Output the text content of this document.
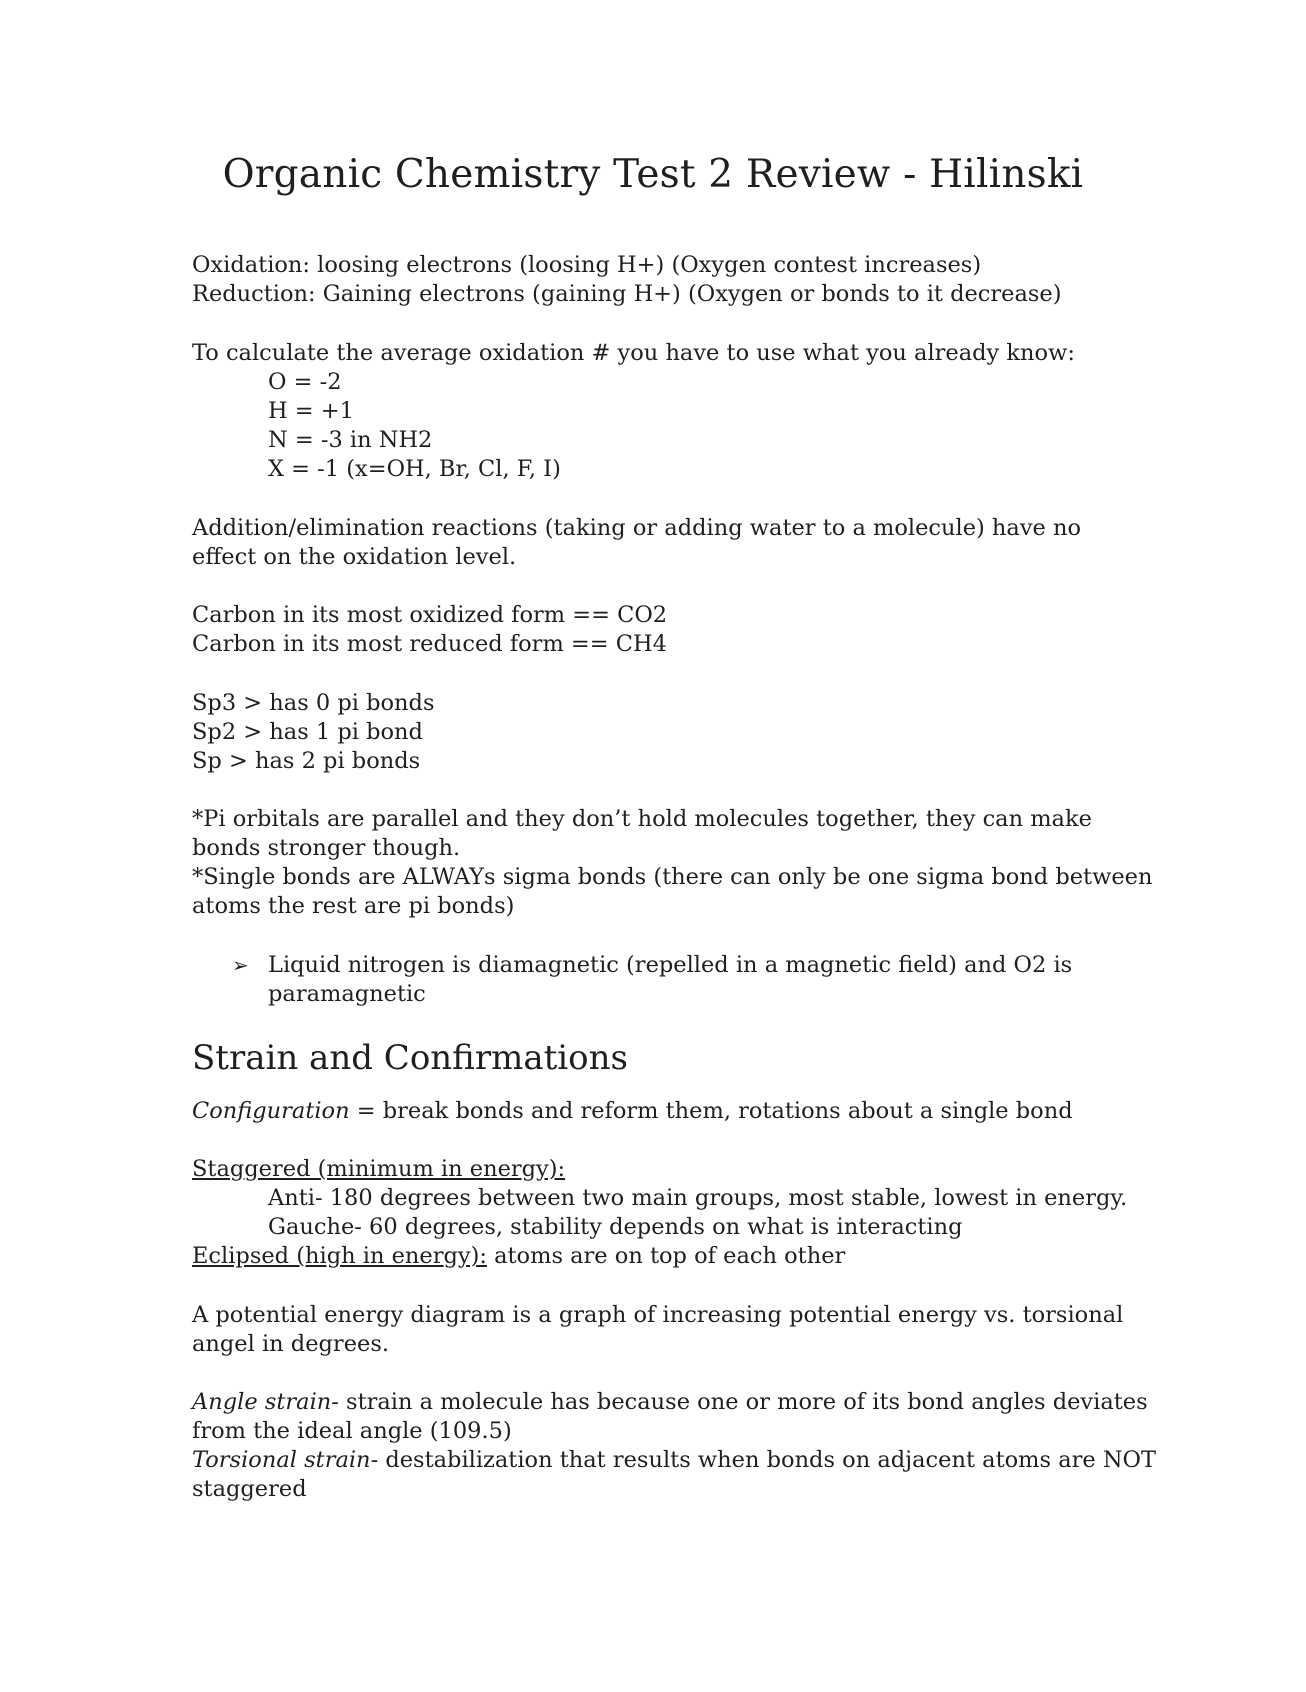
Organic Chemistry Test 2 Review - Hilinski
Oxidation: loosing electrons (loosing H+) (Oxygen contest increases)
Reduction: Gaining electrons (gaining H+) (Oxygen or bonds to it decrease)
To calculate the average oxidation # you have to use what you already know:
O = -2
H = +1
N = -3 in NH2
X = -1 (x=OH, Br, Cl, F, I)
Addition/elimination reactions (taking or adding water to a molecule) have no
effect on the oxidation level.
Carbon in its most oxidized form == CO2
Carbon in its most reduced form == CH4
Sp3 > has 0 pi bonds
Sp2 > has 1 pi bond
Sp > has 2 pi bonds
*Pi orbitals are parallel and they don’t hold molecules together, they can make
bonds stronger though.
*Single bonds are ALWAYs sigma bonds (there can only be one sigma bond between
atoms the rest are pi bonds)
➢ Liquid nitrogen is diamagnetic (repelled in a magnetic field) and O2 is
paramagnetic
Strain and Confirmations
Configuration = break bonds and reform them, rotations about a single bond
Staggered (minimum in energy):
Anti- 180 degrees between two main groups, most stable, lowest in energy.
Gauche- 60 degrees, stability depends on what is interacting
Eclipsed (high in energy): atoms are on top of each other
A potential energy diagram is a graph of increasing potential energy vs. torsional
angel in degrees.
Angle strain- strain a molecule has because one or more of its bond angles deviates
from the ideal angle (109.5)
Torsional strain- destabilization that results when bonds on adjacent atoms are NOT
staggered
